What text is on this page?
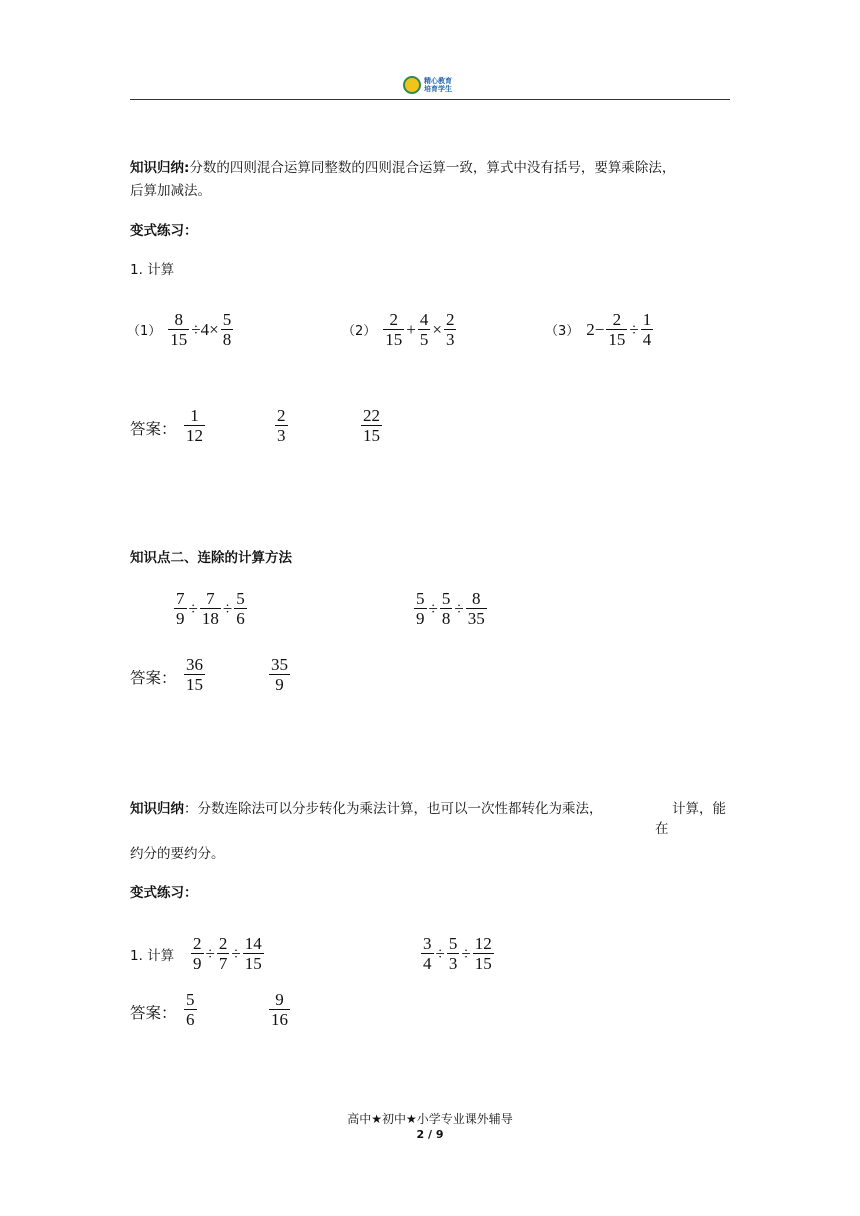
精心教育
培育学生
知识归纳:分数的四则混合运算同整数的四则混合运算一致，算式中没有括号，要算乘除法，
后算加减法。
变式练习：
1. 计算
$(1) \frac{8}{15} \div 4\times \frac{5}{8}$	$(2) \frac{2}{15} + \frac{4}{5} \times \frac{2}{3}$	（3） $2- \frac{2}{15} \div \frac{1}{4}$
答案： $\frac{1}{12}$	$\frac{2}{3}$	$\frac{22}{15}$
知识点二、连除的计算方法
$\frac{7}{9} \div \frac{7}{18} \div \frac{5}{6}$	$\frac{5}{9} \div \frac{5}{8} \div \frac{8}{35}$
答案： $\frac{36}{15}$	$\frac{35}{9}$
知识归纳：分数连除法可以分步转化为乘法计算，也可以一次性都转化为乘法，	计算，能
在
约分的要约分。
变式练习：
1. 计算 $\frac{2}{9} \div \frac{2}{7} \div \frac{14}{15}$	$\frac{3}{4} \div \frac{5}{3} \div \frac{12}{15}$
答案： $\frac{5}{6}$	$\frac{9}{16}$
高中★初中★小学专业课外辅导
2 / 9
